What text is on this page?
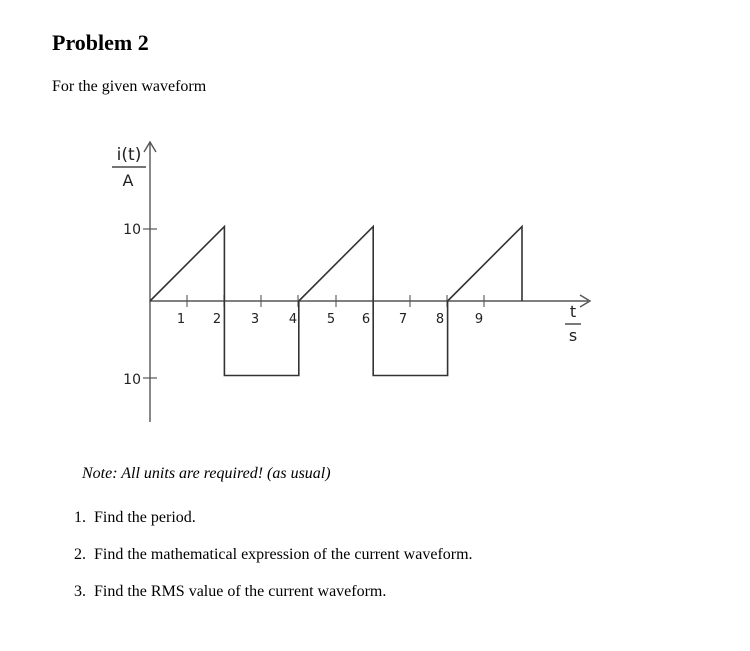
Problem 2
For the given waveform
i(t)
A
10
10
1 2 3 4 5 6 7 8 9	t
s
Note: All units are required! (as usual)
1. Find the period.
2. Find the mathematical expression of the current waveform.
3. Find the RMS value of the current waveform.
